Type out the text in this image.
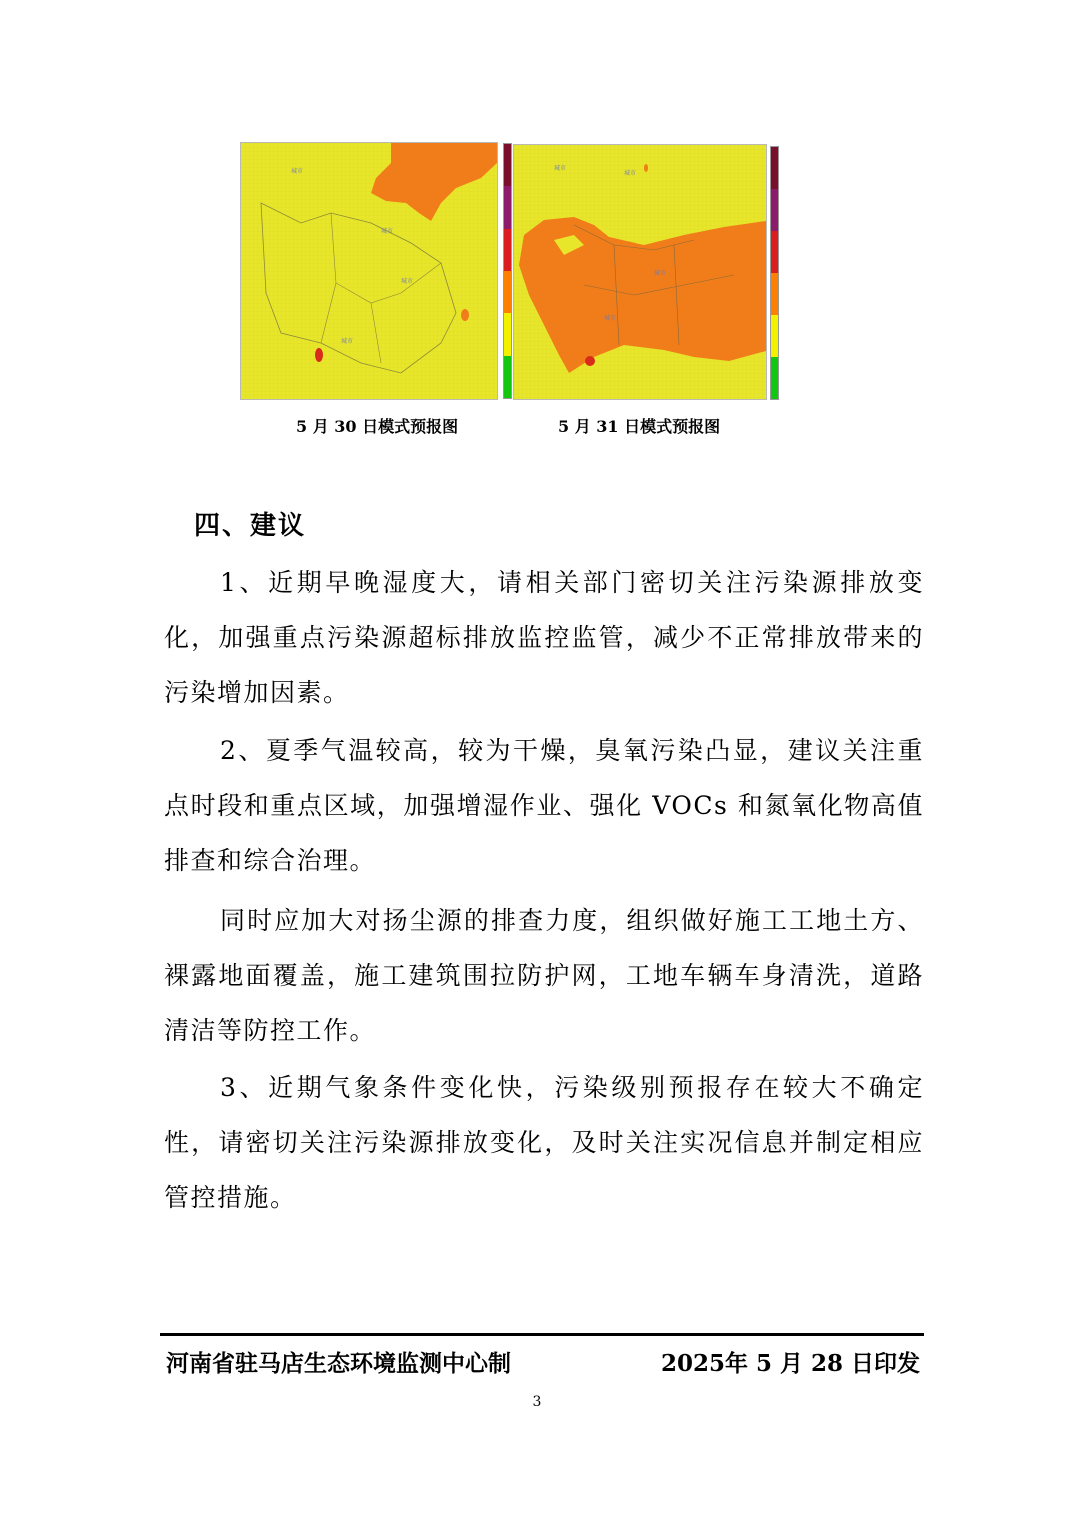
城市
城市
城市
城市
城市
城市
城市
城市
5 月 30 日模式预报图	5 月 31 日模式预报图
四、建议

1、近期早晚湿度大，请相关部门密切关注污染源排放变化，加强重点污染源超标排放监控监管，减少不正常排放带来的污染增加因素。

2、夏季气温较高，较为干燥，臭氧污染凸显，建议关注重点时段和重点区域，加强增湿作业、强化 VOCs 和氮氧化物高值排查和综合治理。

同时应加大对扬尘源的排查力度，组织做好施工工地土方、裸露地面覆盖，施工建筑围拉防护网，工地车辆车身清洗，道路清洁等防控工作。

3、近期气象条件变化快，污染级别预报存在较大不确定性，请密切关注污染源排放变化，及时关注实况信息并制定相应管控措施。

河南省驻马店生态环境监测中心制	2025年 5 月 28 日印发
3
